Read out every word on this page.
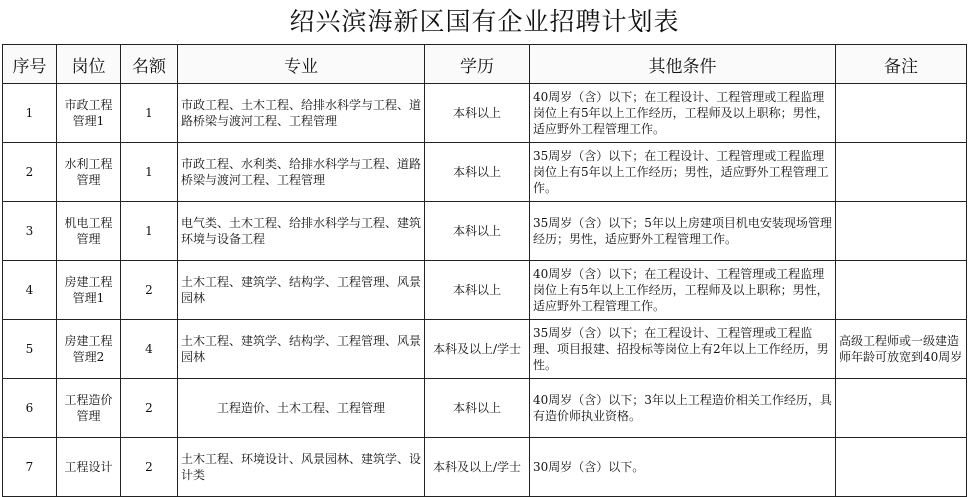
绍兴滨海新区国有企业招聘计划表
序号	岗位	名额	专业	学历	其他条件	备注
1	市政工程管理1	1	市政工程、土木工程、给排水科学与工程、道路桥梁与渡河工程、工程管理	本科以上	40周岁（含）以下；在工程设计、工程管理或工程监理岗位上有5年以上工作经历，工程师及以上职称；男性，适应野外工程管理工作。	
2	水利工程管理	1	市政工程、水利类、给排水科学与工程、道路桥梁与渡河工程、工程管理	本科以上	35周岁（含）以下；在工程设计、工程管理或工程监理岗位上有5年以上工作经历；男性，适应野外工程管理工作。	
3	机电工程管理	1	电气类、土木工程、给排水科学与工程、建筑环境与设备工程	本科以上	35周岁（含）以下；5年以上房建项目机电安装现场管理经历；男性，适应野外工程管理工作。	
4	房建工程管理1	2	土木工程、建筑学、结构学、工程管理、风景园林	本科以上	40周岁（含）以下；在工程设计、工程管理或工程监理岗位上有5年以上工作经历，工程师及以上职称；男性，适应野外工程管理工作。	
5	房建工程管理2	4	土木工程、建筑学、结构学、工程管理、风景园林	本科及以上/学士	35周岁（含）以下；在工程设计、工程管理或工程监理、项目报建、招投标等岗位上有2年以上工作经历，男性。	高级工程师或一级建造师年龄可放宽到40周岁
6	工程造价管理	2	工程造价、土木工程、工程管理	本科以上	40周岁（含）以下；3年以上工程造价相关工作经历，具有造价师执业资格。	
7	工程设计	2	土木工程、环境设计、风景园林、建筑学、设计类	本科及以上/学士	30周岁（含）以下。	
